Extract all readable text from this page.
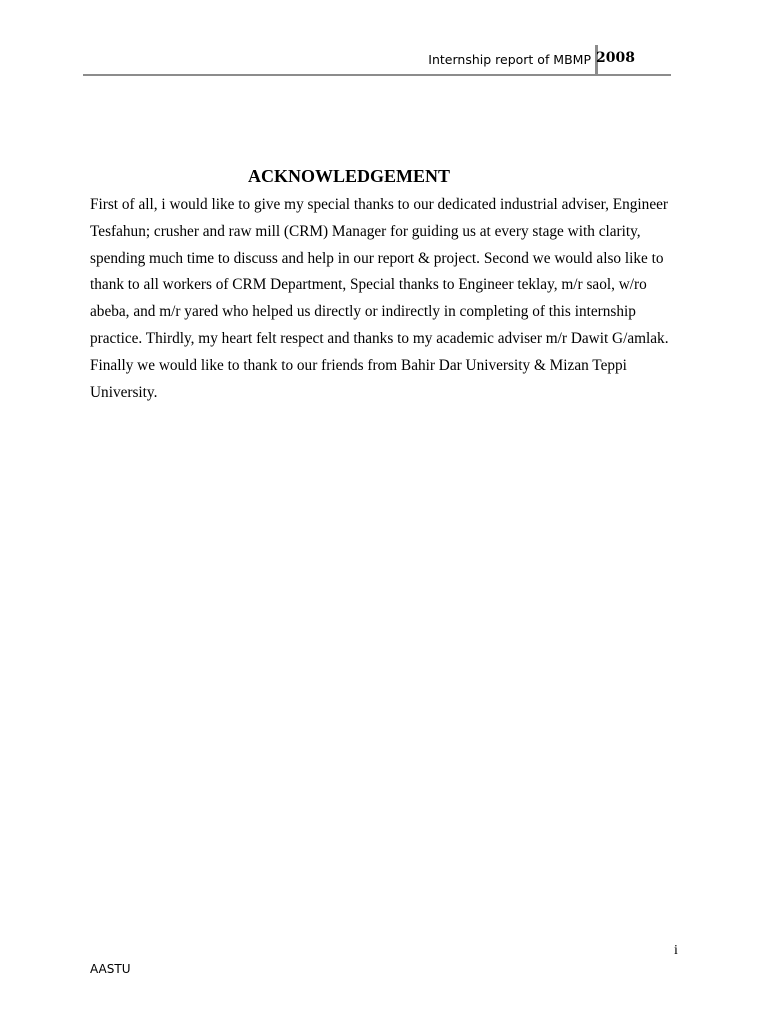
Internship report of MBMP 2008
ACKNOWLEDGEMENT

First of all, i would like to give my special thanks to our dedicated industrial adviser, Engineer Tesfahun; crusher and raw mill (CRM) Manager for guiding us at every stage with clarity, spending much time to discuss and help in our report & project. Second we would also like to thank to all workers of CRM Department, Special thanks to Engineer teklay, m/r saol, w/ro abeba, and m/r yared who helped us directly or indirectly in completing of this internship practice. Thirdly, my heart felt respect and thanks to my academic adviser m/r Dawit G/amlak. Finally we would like to thank to our friends from Bahir Dar University & Mizan Teppi University.

i
AASTU
